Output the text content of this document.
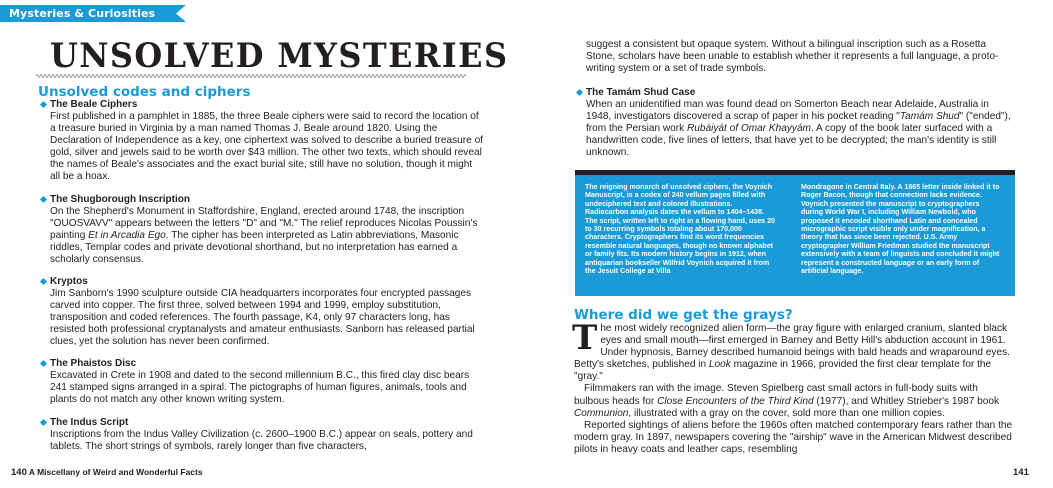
Mysteries & Curiosities
UNSOLVED MYSTERIES
Unsolved codes and ciphers
The Beale Ciphers
First published in a pamphlet in 1885, the three Beale ciphers were said to record the location of a treasure buried in Virginia by a man named Thomas J. Beale around 1820. Using the Declaration of Independence as a key, one ciphertext was solved to describe a buried treasure of gold, silver and jewels said to be worth over $43 million. The other two texts, which should reveal the names of Beale's associates and the exact burial site, still have no solution, though it might all be a hoax.
The Shugborough Inscription
On the Shepherd's Monument in Staffordshire, England, erected around 1748, the inscription "OUOSVAVV" appears between the letters "D" and "M." The relief reproduces Nicolas Poussin's painting Et in Arcadia Ego. The cipher has been interpreted as Latin abbreviations, Masonic riddles, Templar codes and private devotional shorthand, but no interpretation has earned a scholarly consensus.
Kryptos
Jim Sanborn's 1990 sculpture outside CIA headquarters incorporates four encrypted passages carved into copper. The first three, solved between 1994 and 1999, employ substitution, transposition and coded references. The fourth passage, K4, only 97 characters long, has resisted both professional cryptanalysts and amateur enthusiasts. Sanborn has released partial clues, yet the solution has never been confirmed.
The Phaistos Disc
Excavated in Crete in 1908 and dated to the second millennium B.C., this fired clay disc bears 241 stamped signs arranged in a spiral. The pictographs of human figures, animals, tools and plants do not match any other known writing system.
The Indus Script
Inscriptions from the Indus Valley Civilization (c. 2600–1900 B.C.) appear on seals, pottery and tablets. The short strings of symbols, rarely longer than five characters,
suggest a consistent but opaque system. Without a bilingual inscription such as a Rosetta Stone, scholars have been unable to establish whether it represents a full language, a proto-writing system or a set of trade symbols.
The Tamám Shud Case
When an unidentified man was found dead on Somerton Beach near Adelaide, Australia in 1948, investigators discovered a scrap of paper in his pocket reading "Tamám Shud" ("ended"), from the Persian work Rubáiyát of Omar Khayyám. A copy of the book later surfaced with a handwritten code, five lines of letters, that have yet to be decrypted; the man's identity is still unknown.
The reigning monarch of unsolved ciphers, the Voynich Manuscript, is a codex of 240 vellum pages filled with undeciphered text and colored illustrations. Radiocarbon analysis dates the vellum to 1404–1438. The script, written left to right in a flowing hand, uses 20 to 30 recurring symbols totaling about 170,000 characters. Cryptographers find its word frequencies resemble natural languages, though no known alphabet or family fits. Its modern history begins in 1912, when antiquarian bookseller Wilfrid Voynich acquired it from the Jesuit College at Villa
Mondragone in Central Italy. A 1665 letter inside linked it to Roger Bacon, though that connection lacks evidence. Voynich presented the manuscript to cryptographers during World War I, including William Newbold, who proposed it encoded shorthand Latin and concealed micrographic script visible only under magnification, a theory that has since been rejected. U.S. Army cryptographer William Friedman studied the manuscript extensively with a team of linguists and concluded it might represent a constructed language or an early form of artificial language.
Where did we get the grays?
The most widely recognized alien form—the gray figure with enlarged cranium, slanted black eyes and small mouth—first emerged in Barney and Betty Hill's abduction account in 1961. Under hypnosis, Barney described humanoid beings with bald heads and wraparound eyes. Betty's sketches, published in Look magazine in 1966, provided the first clear template for the "gray."
Filmmakers ran with the image. Steven Spielberg cast small actors in full-body suits with bulbous heads for Close Encounters of the Third Kind (1977), and Whitley Strieber's 1987 book Communion, illustrated with a gray on the cover, sold more than one million copies.
Reported sightings of aliens before the 1960s often matched contemporary fears rather than the modern gray. In 1897, newspapers covering the "airship" wave in the American Midwest described pilots in heavy coats and leather caps, resembling
140 A Miscellany of Weird and Wonderful Facts	141
